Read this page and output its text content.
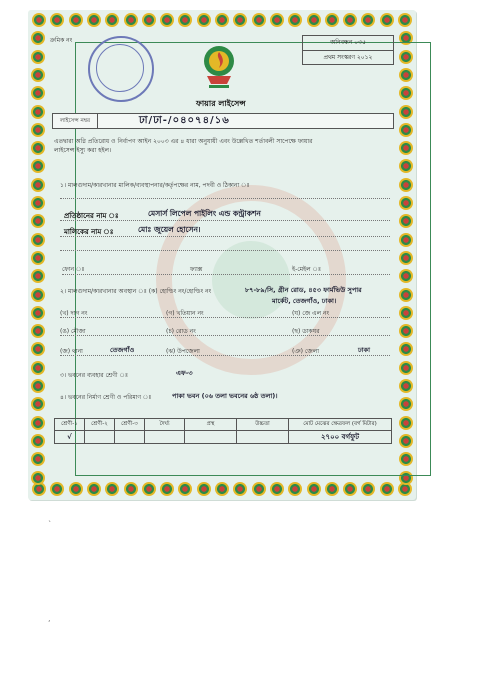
ক্রমিক নং	অনিবন্ধন ০৩৫
প্রথম সংস্করণ ২০১২
ফায়ার লাইসেন্স
লাইসেন্স নম্বর	ঢা/ঢা-/০৪০৭৪/১৬
এতদ্বারা অগ্নি প্রতিরোধ ও নির্বাপণ আইন ২০০৩ এর ৪ ধারা অনুযায়ী এবং উল্লেখিত শর্তাবলী সাপেক্ষে ফায়ার
লাইসেন্স ইস্যু করা হইল।
১। মালগুদাম/কারখানার মালিক/ব্যবস্থাপনার/কর্তৃপক্ষের নাম, পদবী ও ঠিকানা ঃ
প্রতিষ্ঠানের নাম ঃ	মেসার্স লিপেল পাইলিং এন্ড কন্ট্রাকশন
মালিকের নাম ঃ	মোঃ জুয়েল হোসেন।
ফোন ঃ	ফ্যাক্স	ই-মেইল ঃ
২। মালগুদাম/কারখানার অবস্থান ঃ (ক) হোল্ডিং নং/হোল্ডিং নং	৮৭-৮৯/সি, গ্রীন রোড, ৪৫৩ ফার্মভিউ সুপার
মার্কেট, তেজগাঁও, ঢাকা।
(খ) দাগ নং	(গ) খতিয়ান নং	(ঘ) জে এল নং
(ঙ) মৌজা	(চ) রোড নং	(ছ) ডাকঘর
(জ) থানা	তেজগাঁও	(ঝ) উপজেলা	(ঞ) জেলা	ঢাকা
৩। ভবনের ব্যবহার শ্রেণী ঃ	এফ-৩
৪। ভবনের নির্মাণ শ্রেণী ও পরিমাণ ঃ	পাকা ভবন (০৬ তলা ভবনের ৬ষ্ঠ তলা)।
শ্রেণী-১	শ্রেণী-২	শ্রেণী-৩	দৈর্ঘ্য	প্রস্থ	উচ্চতা	মোট মেঝের ক্ষেত্রফল (বর্গ মিটার)
√						২৭০০ বর্গফুট
`
,
